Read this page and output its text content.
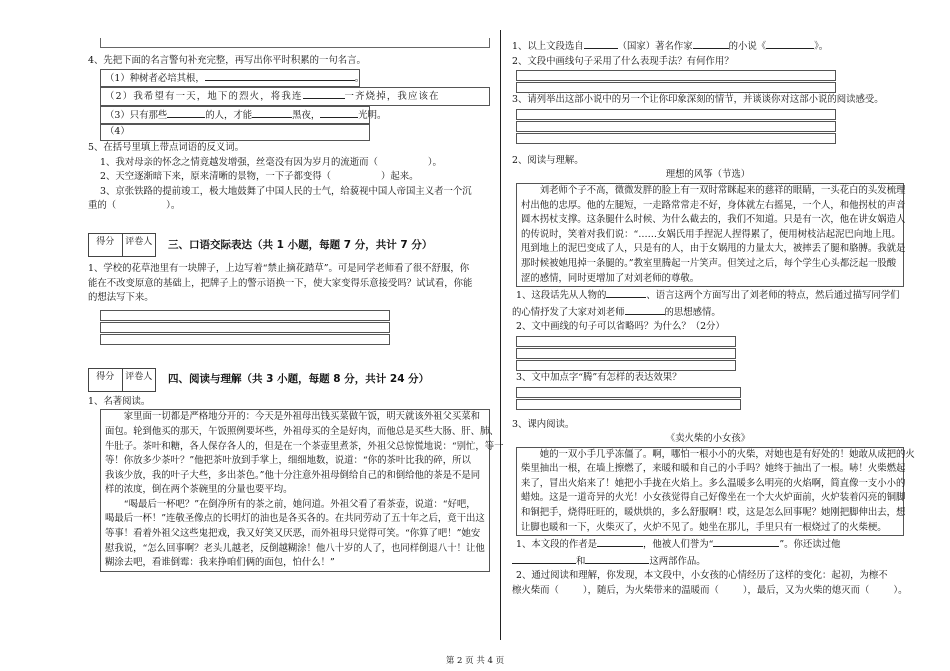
4、先把下面的名言警句补充完整，再写出你平时积累的一句名言。
（1）种树者必培其根，	。
（2）我希望有一天，地下的烈火，将我连	一齐烧掉，我应该在
（3）只有那些	的人，才能	黑夜，	光明。
（4）
5、在括号里填上带点词语的反义词。
1、我对母亲的怀念之情竟越发增强，丝毫没有因为岁月的流逝而（	）。
2、天空逐渐暗下来，原来清晰的景物，一下子都变得（	）起来。
3、京张铁路的提前竣工，极大地鼓舞了中国人民的士气，给藐视中国人帝国主义者一个沉
重的（	）。
得分	评卷人 三、口语交际表达（共 1 小题，每题 7 分，共计 7 分）
1、学校的花草池里有一块牌子，上边写着“禁止摘花踏草”。可是同学老师看了很不舒服，你
能在不改变原意的基础上，把牌子上的警示语换一下，使大家变得乐意接受吗？试试看，你能
的想法写下来。
得分	评卷人 四、阅读与理解（共 3 小题，每题 8 分，共计 24 分）
1、名著阅读。
家里面一切都是严格地分开的：今天是外祖母出钱买菜做午饭，明天就该外祖父买菜和
面包。轮到他买的那天，午饭照例要坏些，外祖母买的全是好肉，而他总是买些大肠、肝、肺、
牛肚子。茶叶和糖，各人保存各人的，但是在一个茶壶里煮茶，外祖父总惊慌地说：“别忙，等一
等！你放多少茶叶？”他把茶叶放到手掌上，细细地数，说道：“你的茶叶比我的碎，所以
我该少放，我的叶子大些，多出茶色。”他十分注意外祖母倒给自己的和倒给他的茶是不是同
样的浓度，倒在两个茶碗里的分量也要平均。
“喝最后一杯吧？”在倒净所有的茶之前，她问道。外祖父看了看茶壶，说道：“好吧，
喝最后一杯！”连敬圣像点的长明灯的油也是各买各的。在共同劳动了五十年之后，竟干出这
等事！看着外祖父这些鬼把戏，我又好笑又厌恶，而外祖母只觉得可笑。“你算了吧！”她安
慰我说，“怎么回事啊？老头儿越老，反倒越糊涂！他八十岁的人了，也同样倒退八十！让他
糊涂去吧，看谁倒霉：我来挣咱们俩的面包，怕什么！”
1、以上文段选自	（国家）著名作家	的小说《	》。
2、文段中画线句子采用了什么表现手法？有何作用？
3、请列举出这部小说中的另一个让你印象深刻的情节，并谈谈你对这部小说的阅读感受。
2、阅读与理解。
理想的风筝（节选）
刘老师个子不高，微微发胖的脸上有一双时常眯起来的慈祥的眼睛，一头花白的头发梳理
村出他的忠厚。他的左腿短，一走路常常走不好，身体就左右摇晃，一个人，和他拐杖的声音
圆木拐杖支撑。这条腿什么时候、为什么截去的，我们不知道。只是有一次，他在讲女娲造人
的传说时，笑着对我们说：“……女娲氏用手捏泥人捏得累了，便用树枝沾起泥巴向地上甩。
甩到地上的泥巴变成了人，只是有的人，由于女娲甩的力量太大，被摔丢了腿和胳膊。我就是
那时候被她甩掉一条腿的。”教室里腾起一片笑声。但笑过之后，每个学生心头都泛起一股酸
涩的感情，同时更增加了对刘老师的尊敬。
1、这段话先从人物的	、语言这两个方面写出了刘老师的特点，然后通过描写同学们
的心情抒发了大家对刘老师	的思想感情。
2、文中画线的句子可以省略吗？为什么？（2分）
3、文中加点字“腾”有怎样的表达效果？
3、课内阅读。
《卖火柴的小女孩》
她的一双小手几乎冻僵了。啊，哪怕一根小小的火柴，对她也是有好处的！她敢从成把的火
柴里抽出一根，在墙上擦燃了，来暖和暖和自己的小手吗？她终于抽出了一根。哧！火柴燃起
来了，冒出火焰来了！她把小手拢在火焰上。多么温暖多么明亮的火焰啊，简直像一支小小的
蜡烛。这是一道奇异的火光！小女孩觉得自己好像坐在一个大火炉面前，火炉装着闪亮的铜脚
和铜把手，烧得旺旺的，暖烘烘的，多么舒服啊！哎，这是怎么回事呢？她刚把脚伸出去，想
让脚也暖和一下，火柴灭了，火炉不见了。她坐在那儿，手里只有一根烧过了的火柴梗。
1、本文段的作者是	，他被人们誉为“	”。你还读过他
和	这两部作品。
2、通过阅读和理解，你发现，本文段中，小女孩的心情经历了这样的变化：起初，为檫不
檫火柴而（	），随后，为火柴带来的温暖而（	），最后，又为火柴的熄灭而（	）。
第 2 页 共 4 页
